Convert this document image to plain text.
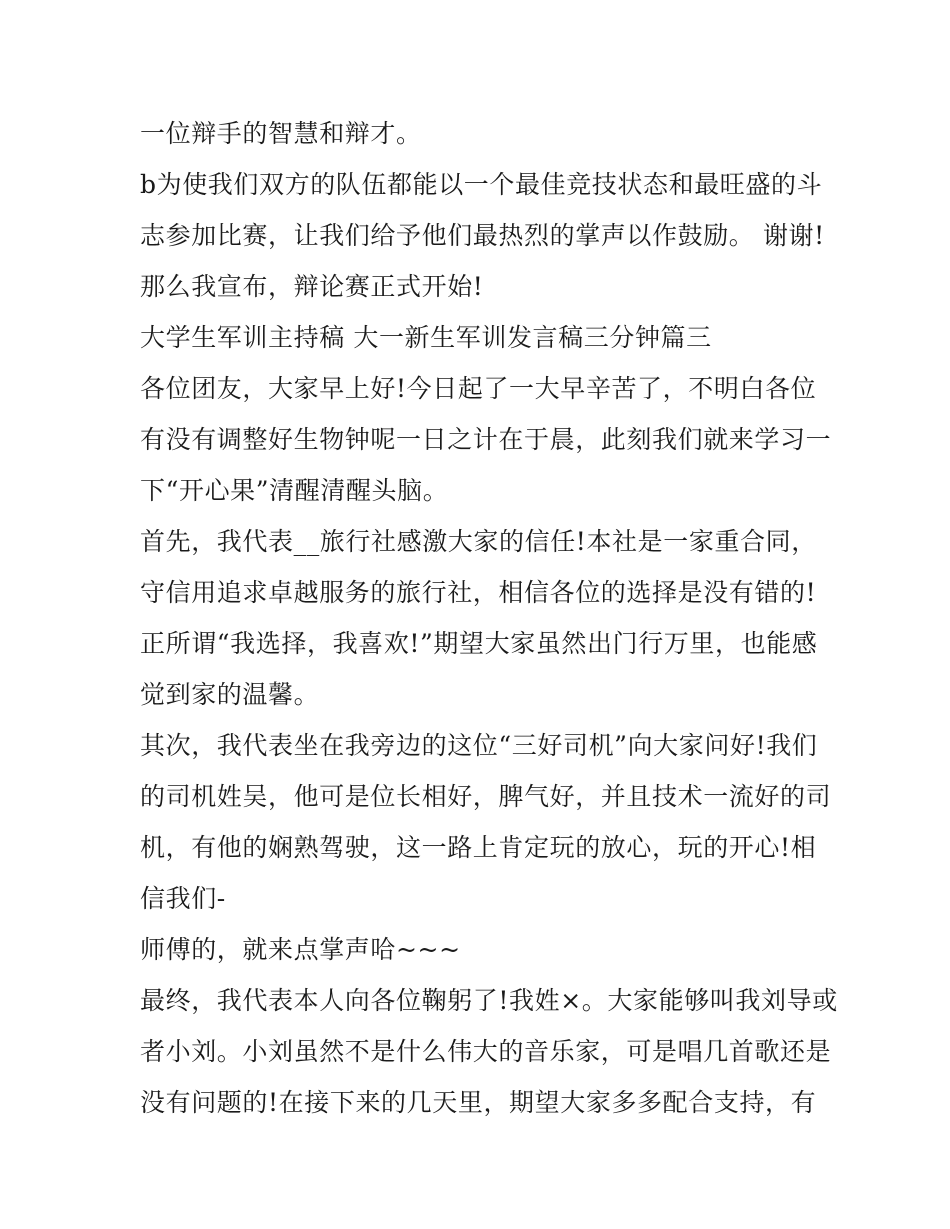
一位辩手的智慧和辩才。
b为使我们双方的队伍都能以一个最佳竞技状态和最旺盛的斗
志参加比赛，让我们给予他们最热烈的掌声以作鼓励。 谢谢!
那么我宣布，辩论赛正式开始!
大学生军训主持稿 大一新生军训发言稿三分钟篇三
各位团友，大家早上好!今日起了一大早辛苦了，不明白各位
有没有调整好生物钟呢一日之计在于晨，此刻我们就来学习一
下“开心果”清醒清醒头脑。
首先，我代表__旅行社感激大家的信任!本社是一家重合同，
守信用追求卓越服务的旅行社，相信各位的选择是没有错的!
正所谓“我选择，我喜欢!”期望大家虽然出门行万里，也能感
觉到家的温馨。
其次，我代表坐在我旁边的这位“三好司机”向大家问好!我们
的司机姓吴，他可是位长相好，脾气好，并且技术一流好的司
机，有他的娴熟驾驶，这一路上肯定玩的放心，玩的开心!相
信我们-
师傅的，就来点掌声哈~~~
最终，我代表本人向各位鞠躬了!我姓×。大家能够叫我刘导或
者小刘。小刘虽然不是什么伟大的音乐家，可是唱几首歌还是
没有问题的!在接下来的几天里，期望大家多多配合支持，有
